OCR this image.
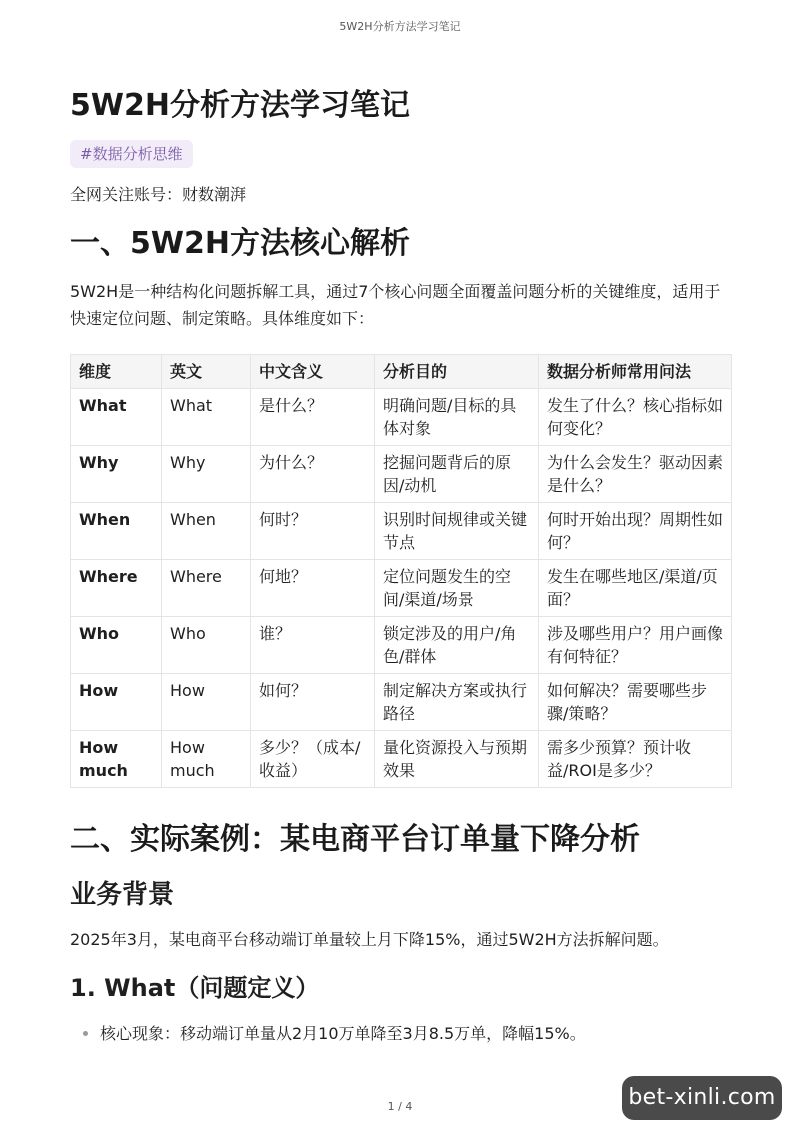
5W2H分析方法学习笔记
5W2H分析方法学习笔记
#数据分析思维
全网关注账号：财数潮湃
一、5W2H方法核心解析

5W2H是一种结构化问题拆解工具，通过7个核心问题全面覆盖问题分析的关键维度，适用于快速定位问题、制定策略。具体维度如下：

维度	英文	中文含义	分析目的	数据分析师常用问法
What	What	是什么？	明确问题/目标的具体对象	发生了什么？核心指标如何变化？
Why	Why	为什么？	挖掘问题背后的原因/动机	为什么会发生？驱动因素是什么？
When	When	何时？	识别时间规律或关键节点	何时开始出现？周期性如何？
Where	Where	何地？	定位问题发生的空间/渠道/场景	发生在哪些地区/渠道/页面？
Who	Who	谁？	锁定涉及的用户/角色/群体	涉及哪些用户？用户画像有何特征？
How	How	如何？	制定解决方案或执行路径	如何解决？需要哪些步骤/策略？
How much	How much	多少？（成本/收益）	量化资源投入与预期效果	需多少预算？预计收益/ROI是多少？
二、实际案例：某电商平台订单量下降分析
业务背景

2025年3月，某电商平台移动端订单量较上月下降15%，通过5W2H方法拆解问题。

1. What（问题定义）
• 核心现象：移动端订单量从2月10万单降至3月8.5万单，降幅15%。
1 / 4	bet-xinli.com
